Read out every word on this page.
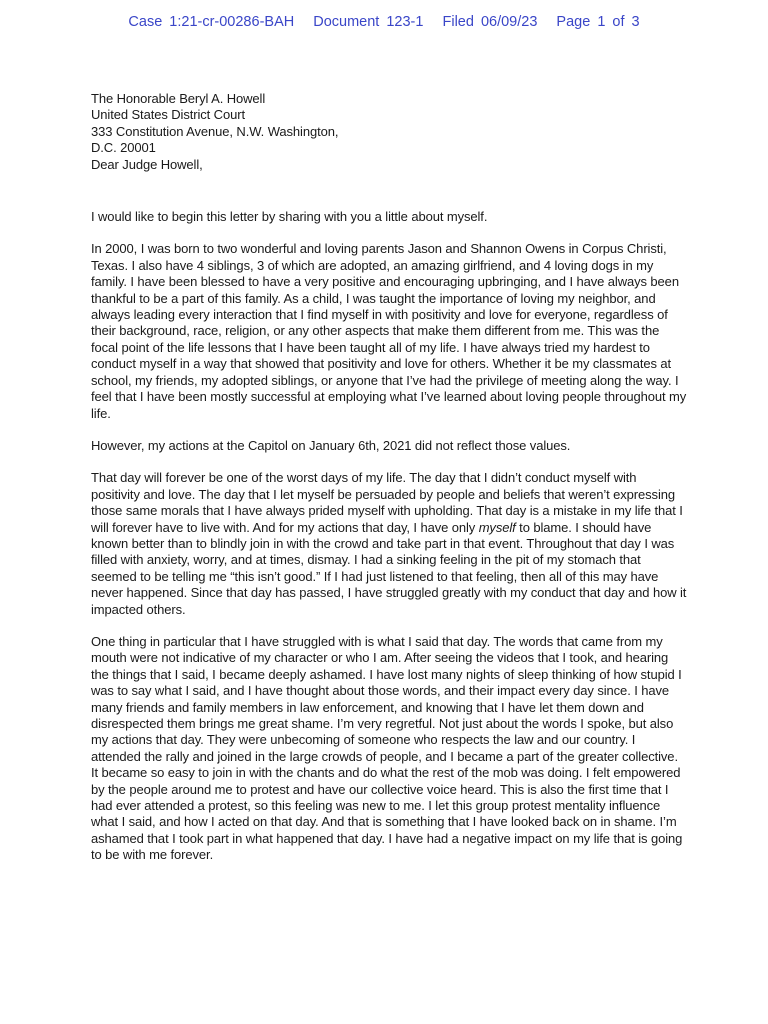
Case 1:21-cr-00286-BAH Document 123-1 Filed 06/09/23 Page 1 of 3
The Honorable Beryl A. Howell
United States District Court
333 Constitution Avenue, N.W. Washington,
D.C. 20001

Dear Judge Howell,

I would like to begin this letter by sharing with you a little about myself.

In 2000, I was born to two wonderful and loving parents Jason and Shannon Owens in Corpus Christi, Texas. I also have 4 siblings, 3 of which are adopted, an amazing girlfriend, and 4 loving dogs in my family. I have been blessed to have a very positive and encouraging upbringing, and I have always been thankful to be a part of this family. As a child, I was taught the importance of loving my neighbor, and always leading every interaction that I find myself in with positivity and love for everyone, regardless of their background, race, religion, or any other aspects that make them different from me. This was the focal point of the life lessons that I have been taught all of my life. I have always tried my hardest to conduct myself in a way that showed that positivity and love for others. Whether it be my classmates at school, my friends, my adopted siblings, or anyone that I’ve had the privilege of meeting along the way. I feel that I have been mostly successful at employing what I’ve learned about loving people throughout my life.

However, my actions at the Capitol on January 6th, 2021 did not reflect those values.

That day will forever be one of the worst days of my life. The day that I didn’t conduct myself with positivity and love. The day that I let myself be persuaded by people and beliefs that weren’t expressing those same morals that I have always prided myself with upholding. That day is a mistake in my life that I will forever have to live with. And for my actions that day, I have only myself to blame. I should have known better than to blindly join in with the crowd and take part in that event. Throughout that day I was filled with anxiety, worry, and at times, dismay. I had a sinking feeling in the pit of my stomach that seemed to be telling me “this isn’t good.” If I had just listened to that feeling, then all of this may have never happened. Since that day has passed, I have struggled greatly with my conduct that day and how it impacted others.

One thing in particular that I have struggled with is what I said that day. The words that came from my mouth were not indicative of my character or who I am. After seeing the videos that I took, and hearing the things that I said, I became deeply ashamed. I have lost many nights of sleep thinking of how stupid I was to say what I said, and I have thought about those words, and their impact every day since. I have many friends and family members in law enforcement, and knowing that I have let them down and disrespected them brings me great shame. I’m very regretful. Not just about the words I spoke, but also my actions that day. They were unbecoming of someone who respects the law and our country. I attended the rally and joined in the large crowds of people, and I became a part of the greater collective. It became so easy to join in with the chants and do what the rest of the mob was doing. I felt empowered by the people around me to protest and have our collective voice heard. This is also the first time that I had ever attended a protest, so this feeling was new to me. I let this group protest mentality influence what I said, and how I acted on that day. And that is something that I have looked back on in shame. I’m ashamed that I took part in what happened that day. I have had a negative impact on my life that is going to be with me forever.
